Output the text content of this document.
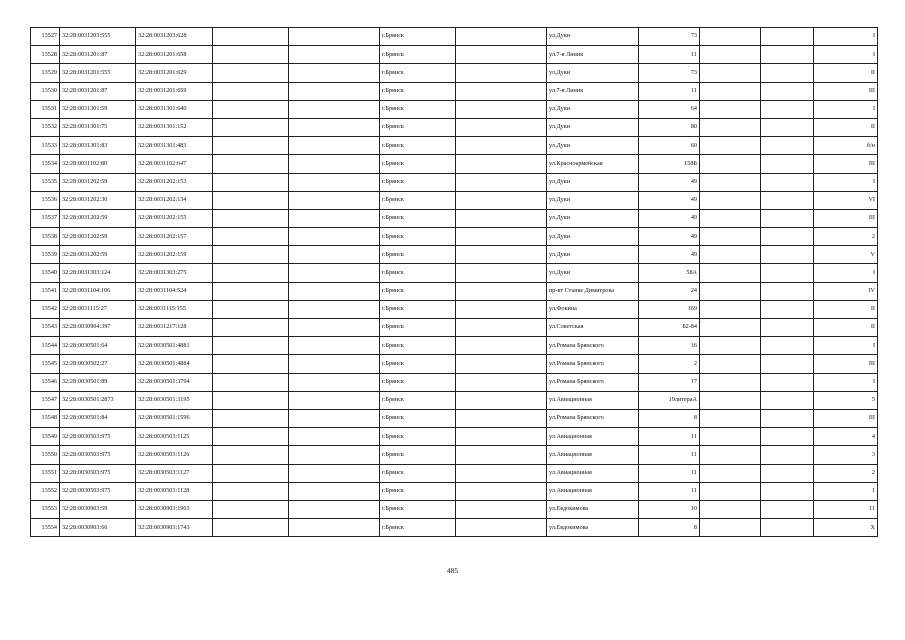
13527	32:28:0031203:555	32:28:0031203:628			г.Брянск		ул.Дуки	73			I
13528	32:28:0031201:87	32:28:0031201:658			г.Брянск		ул.7-я Линия	11			I
13529	32:28:0031201:555	32:28:0031201:629			г.Брянск		ул.Дуки	73			II
13530	32:28:0031201:87	32:28:0031201:659			г.Брянск		ул.7-я Линия	11			III
13531	32:28:0031301:59	32:28:0031301:640			г.Брянск		ул.Дуки	64			I
13532	32:28:0031301:75	32:28:0031301:152			г.Брянск		ул.Дуки	80			II
13533	32:28:0031301:83	32:28:0031301:483			г.Брянск		ул.Дуки	60			б/н
13534	32:28:0031102:80	32:28:0031102:647			г.Брянск		ул.Красноармейская	158Б			III
13535	32:28:0031202:59	32:28:0031202:153			г.Брянск		ул.Дуки	49			I
13536	32:28:0031202:30	32:28:0031202:134			г.Брянск		ул.Дуки	49			VI
13537	32:28:0031202:59	32:28:0031202:155			г.Брянск		ул.Дуки	49			III
13538	32:28:0031202:59	32:28:0031202:157			г.Брянск		ул.Дуки	49			2
13539	32:28:0031202:59	32:28:0031202:159			г.Брянск		ул.Дуки	49			V
13540	32:28:0031303:124	32:28:0031303:275			г.Брянск		ул.Дуки	58А			I
13541	32:28:0031104:106	32:28:0031104:524			г.Брянск		пр-кт Станке Димитрова	24			IV
13542	32:28:0031115:27	32:28:0031115:155			г.Брянск		ул.Фокина	169			II
13543	32:28:0030904:397	32:28:0031217:128			г.Брянск		ул.Советская	82-84			II
13544	32:28:0030501:64	32:28:0030501:4881			г.Брянск		ул.Романа Брянского	16			I
13545	32:28:0030502:27	32:28:0030501:4884			г.Брянск		ул.Романа Брянского	2			III
13546	32:28:0030501:89	32:28:0030501:3794			г.Брянск		ул.Романа Брянского	17			I
13547	32:28:0030501:2873	32:28:0030501:3195			г.Брянск		ул.Авиационная	19литераА			5
13548	32:28:0030501:84	32:28:0030501:1596			г.Брянск		ул.Романа Брянского	8			III
13549	32:28:0030503:975	32:28:0030503:1125			г.Брянск		ул.Авиационная	11			4
13550	32:28:0030503:975	32:28:0030503:1126			г.Брянск		ул.Авиационная	11			3
13551	32:28:0030503:975	32:28:0030503:1127			г.Брянск		ул.Авиационная	11			2
13552	32:28:0030503:975	32:28:0030503:1128			г.Брянск		ул.Авиационная	11			1
13553	32:28:0030903:59	32:28:0030903:1903			г.Брянск		ул.Евдокимова	10			11
13554	32:28:0030903:66	32:28:0030903:1743			г.Брянск		ул.Евдокимова	8			X
485
